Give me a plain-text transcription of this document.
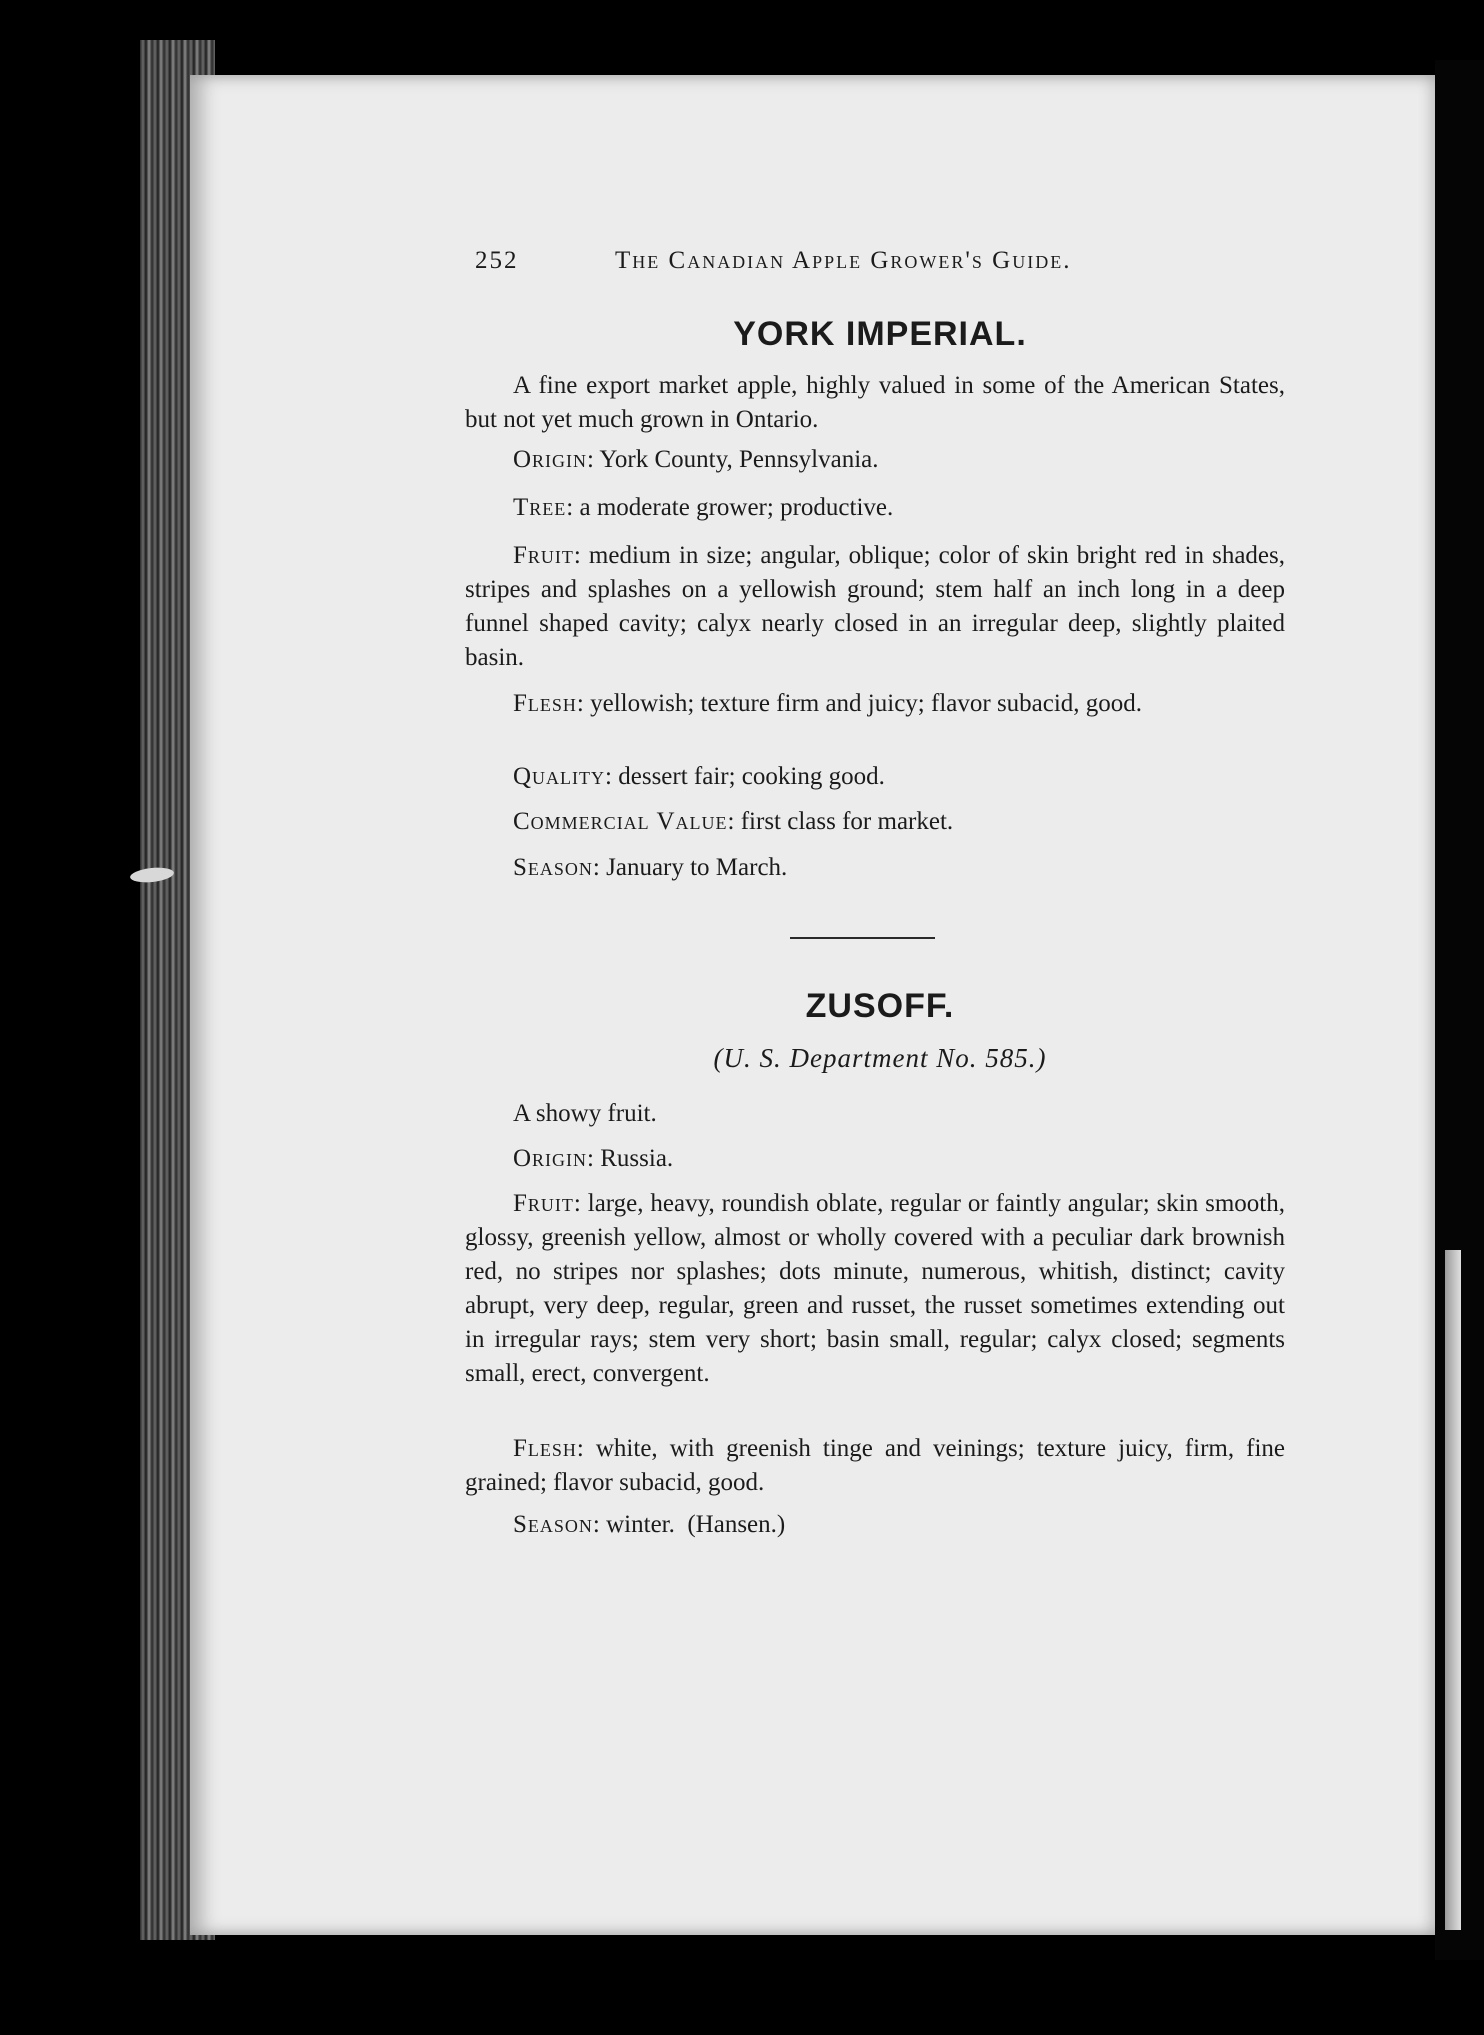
252	The Canadian Apple Grower's Guide.
YORK IMPERIAL.

A fine export market apple, highly valued in some of the American States, but not yet much grown in Ontario.

Origin: York County, Pennsylvania.

Tree: a moderate grower; productive.

Fruit: medium in size; angular, oblique; color of skin bright red in shades, stripes and splashes on a yellowish ground; stem half an inch long in a deep funnel shaped cavity; calyx nearly closed in an irregular deep, slightly plaited basin.

Flesh: yellowish; texture firm and juicy; flavor subacid, good.

Quality: dessert fair; cooking good.

Commercial Value: first class for market.

Season: January to March.

ZUSOFF.
(U. S. Department No. 585.)

A showy fruit.

Origin: Russia.

Fruit: large, heavy, roundish oblate, regular or faintly angular; skin smooth, glossy, greenish yellow, almost or wholly covered with a peculiar dark brownish red, no stripes nor splashes; dots minute, numerous, whitish, distinct; cavity abrupt, very deep, regular, green and russet, the russet sometimes extending out in irregular rays; stem very short; basin small, regular; calyx closed; segments small, erect, convergent.

Flesh: white, with greenish tinge and veinings; texture juicy, firm, fine grained; flavor subacid, good.

Season: winter.  (Hansen.)
